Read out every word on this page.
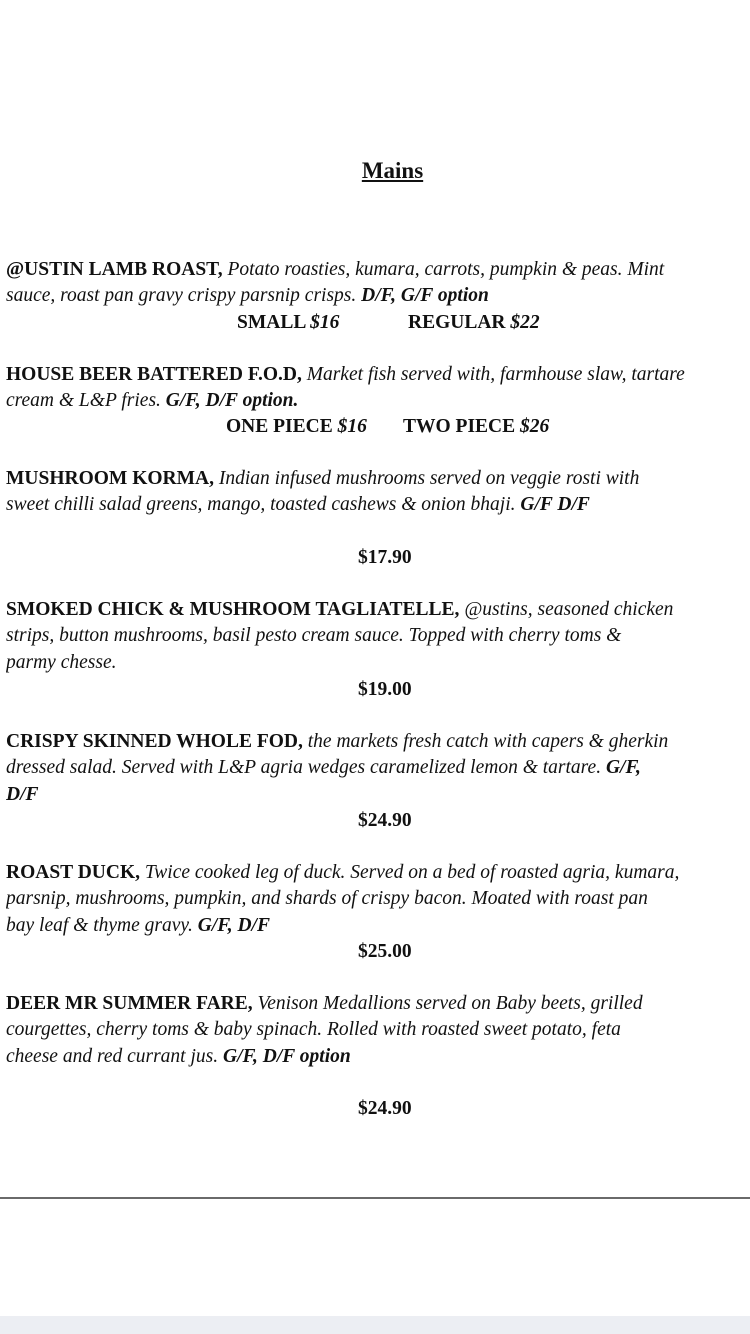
Mains
@USTIN LAMB ROAST, Potato roasties, kumara, carrots, pumpkin & peas. Mint
sauce, roast pan gravy crispy parsnip crisps. D/F, G/F option
SMALL $16	REGULAR $22
HOUSE BEER BATTERED F.O.D, Market fish served with, farmhouse slaw, tartare
cream & L&P fries. G/F, D/F option.
ONE PIECE $16 TWO PIECE $26
MUSHROOM KORMA, Indian infused mushrooms served on veggie rosti with
sweet chilli salad greens, mango, toasted cashews & onion bhaji. G/F D/F
$17.90
SMOKED CHICK & MUSHROOM TAGLIATELLE, @ustins, seasoned chicken
strips, button mushrooms, basil pesto cream sauce. Topped with cherry toms &
parmy chesse.
$19.00
CRISPY SKINNED WHOLE FOD, the markets fresh catch with capers & gherkin
dressed salad. Served with L&P agria wedges caramelized lemon & tartare. G/F,
D/F
$24.90
ROAST DUCK, Twice cooked leg of duck. Served on a bed of roasted agria, kumara,
parsnip, mushrooms, pumpkin, and shards of crispy bacon. Moated with roast pan
bay leaf & thyme gravy. G/F, D/F
$25.00
DEER MR SUMMER FARE, Venison Medallions served on Baby beets, grilled
courgettes, cherry toms & baby spinach. Rolled with roasted sweet potato, feta
cheese and red currant jus. G/F, D/F option
$24.90
